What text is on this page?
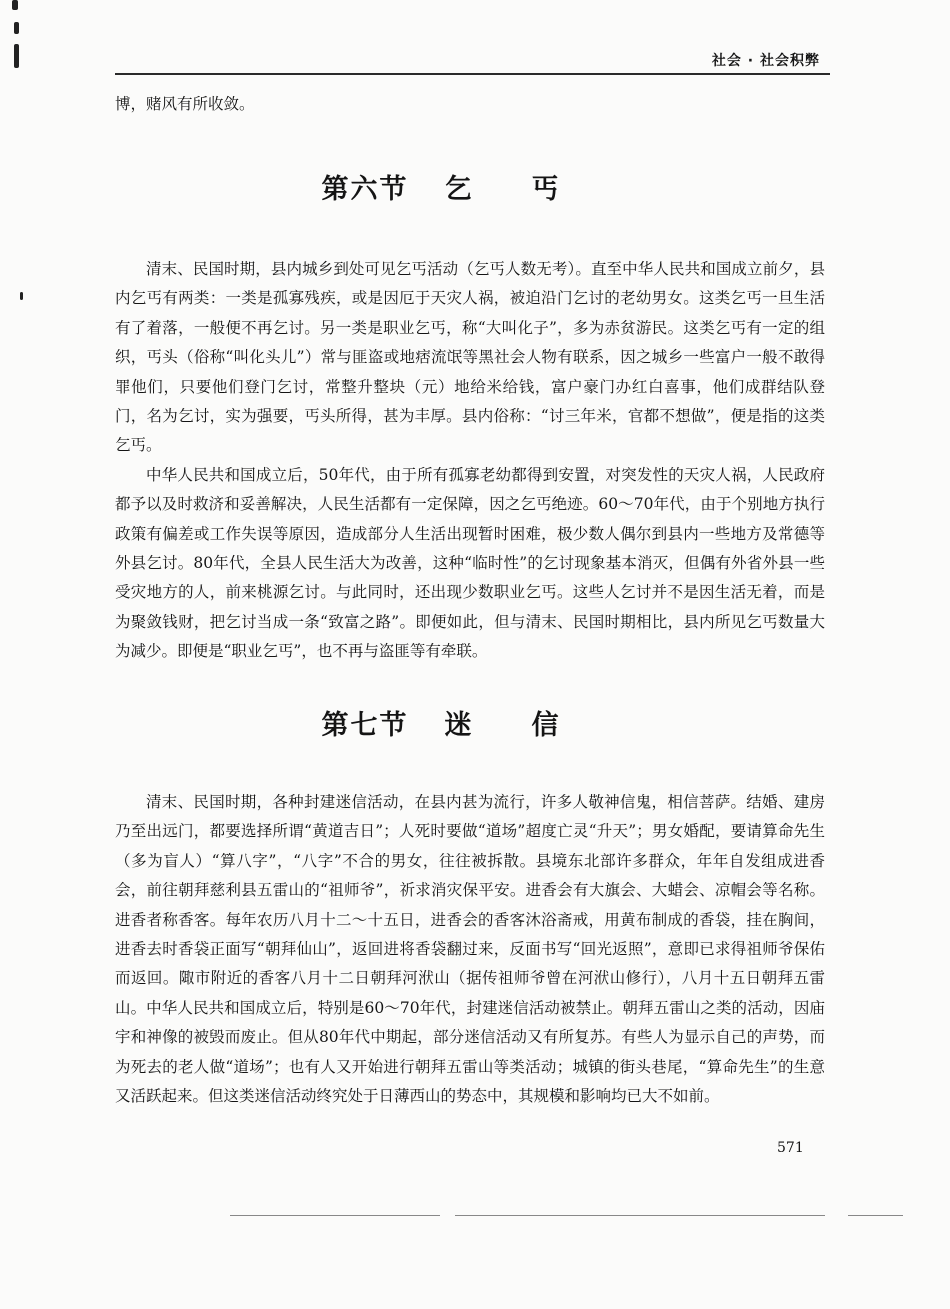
社会 · 社会积弊

博，赌风有所收敛。

第六节 乞丐

清末、民国时期，县内城乡到处可见乞丐活动（乞丐人数无考）。直至中华人民共和国成立前夕，县内乞丐有两类：一类是孤寡残疾，或是因厄于天灾人祸，被迫沿门乞讨的老幼男女。这类乞丐一旦生活有了着落，一般便不再乞讨。另一类是职业乞丐，称“大叫化子”，多为赤贫游民。这类乞丐有一定的组织，丐头（俗称“叫化头儿”）常与匪盗或地痞流氓等黑社会人物有联系，因之城乡一些富户一般不敢得罪他们，只要他们登门乞讨，常整升整块（元）地给米给钱，富户豪门办红白喜事，他们成群结队登门，名为乞讨，实为强要，丐头所得，甚为丰厚。县内俗称：“讨三年米，官都不想做”，便是指的这类乞丐。

中华人民共和国成立后，50年代，由于所有孤寡老幼都得到安置，对突发性的天灾人祸，人民政府都予以及时救济和妥善解决，人民生活都有一定保障，因之乞丐绝迹。60～70年代，由于个别地方执行政策有偏差或工作失误等原因，造成部分人生活出现暂时困难，极少数人偶尔到县内一些地方及常德等外县乞讨。80年代，全县人民生活大为改善，这种“临时性”的乞讨现象基本消灭，但偶有外省外县一些受灾地方的人，前来桃源乞讨。与此同时，还出现少数职业乞丐。这些人乞讨并不是因生活无着，而是为聚敛钱财，把乞讨当成一条“致富之路”。即便如此，但与清末、民国时期相比，县内所见乞丐数量大为减少。即便是“职业乞丐”，也不再与盗匪等有牵联。

第七节 迷信

清末、民国时期，各种封建迷信活动，在县内甚为流行，许多人敬神信鬼，相信菩萨。结婚、建房乃至出远门，都要选择所谓“黄道吉日”；人死时要做“道场”超度亡灵“升天”；男女婚配，要请算命先生（多为盲人）“算八字”，“八字”不合的男女，往往被拆散。县境东北部许多群众，年年自发组成进香会，前往朝拜慈利县五雷山的“祖师爷”，祈求消灾保平安。进香会有大旗会、大蜡会、凉帽会等名称。进香者称香客。每年农历八月十二～十五日，进香会的香客沐浴斋戒，用黄布制成的香袋，挂在胸间，进香去时香袋正面写“朝拜仙山”，返回进将香袋翻过来，反面书写“回光返照”，意即已求得祖师爷保佑而返回。陬市附近的香客八月十二日朝拜河洑山（据传祖师爷曾在河洑山修行），八月十五日朝拜五雷山。中华人民共和国成立后，特别是60～70年代，封建迷信活动被禁止。朝拜五雷山之类的活动，因庙宇和神像的被毁而废止。但从80年代中期起，部分迷信活动又有所复苏。有些人为显示自己的声势，而为死去的老人做“道场”；也有人又开始进行朝拜五雷山等类活动；城镇的街头巷尾，“算命先生”的生意又活跃起来。但这类迷信活动终究处于日薄西山的势态中，其规模和影响均已大不如前。

571
